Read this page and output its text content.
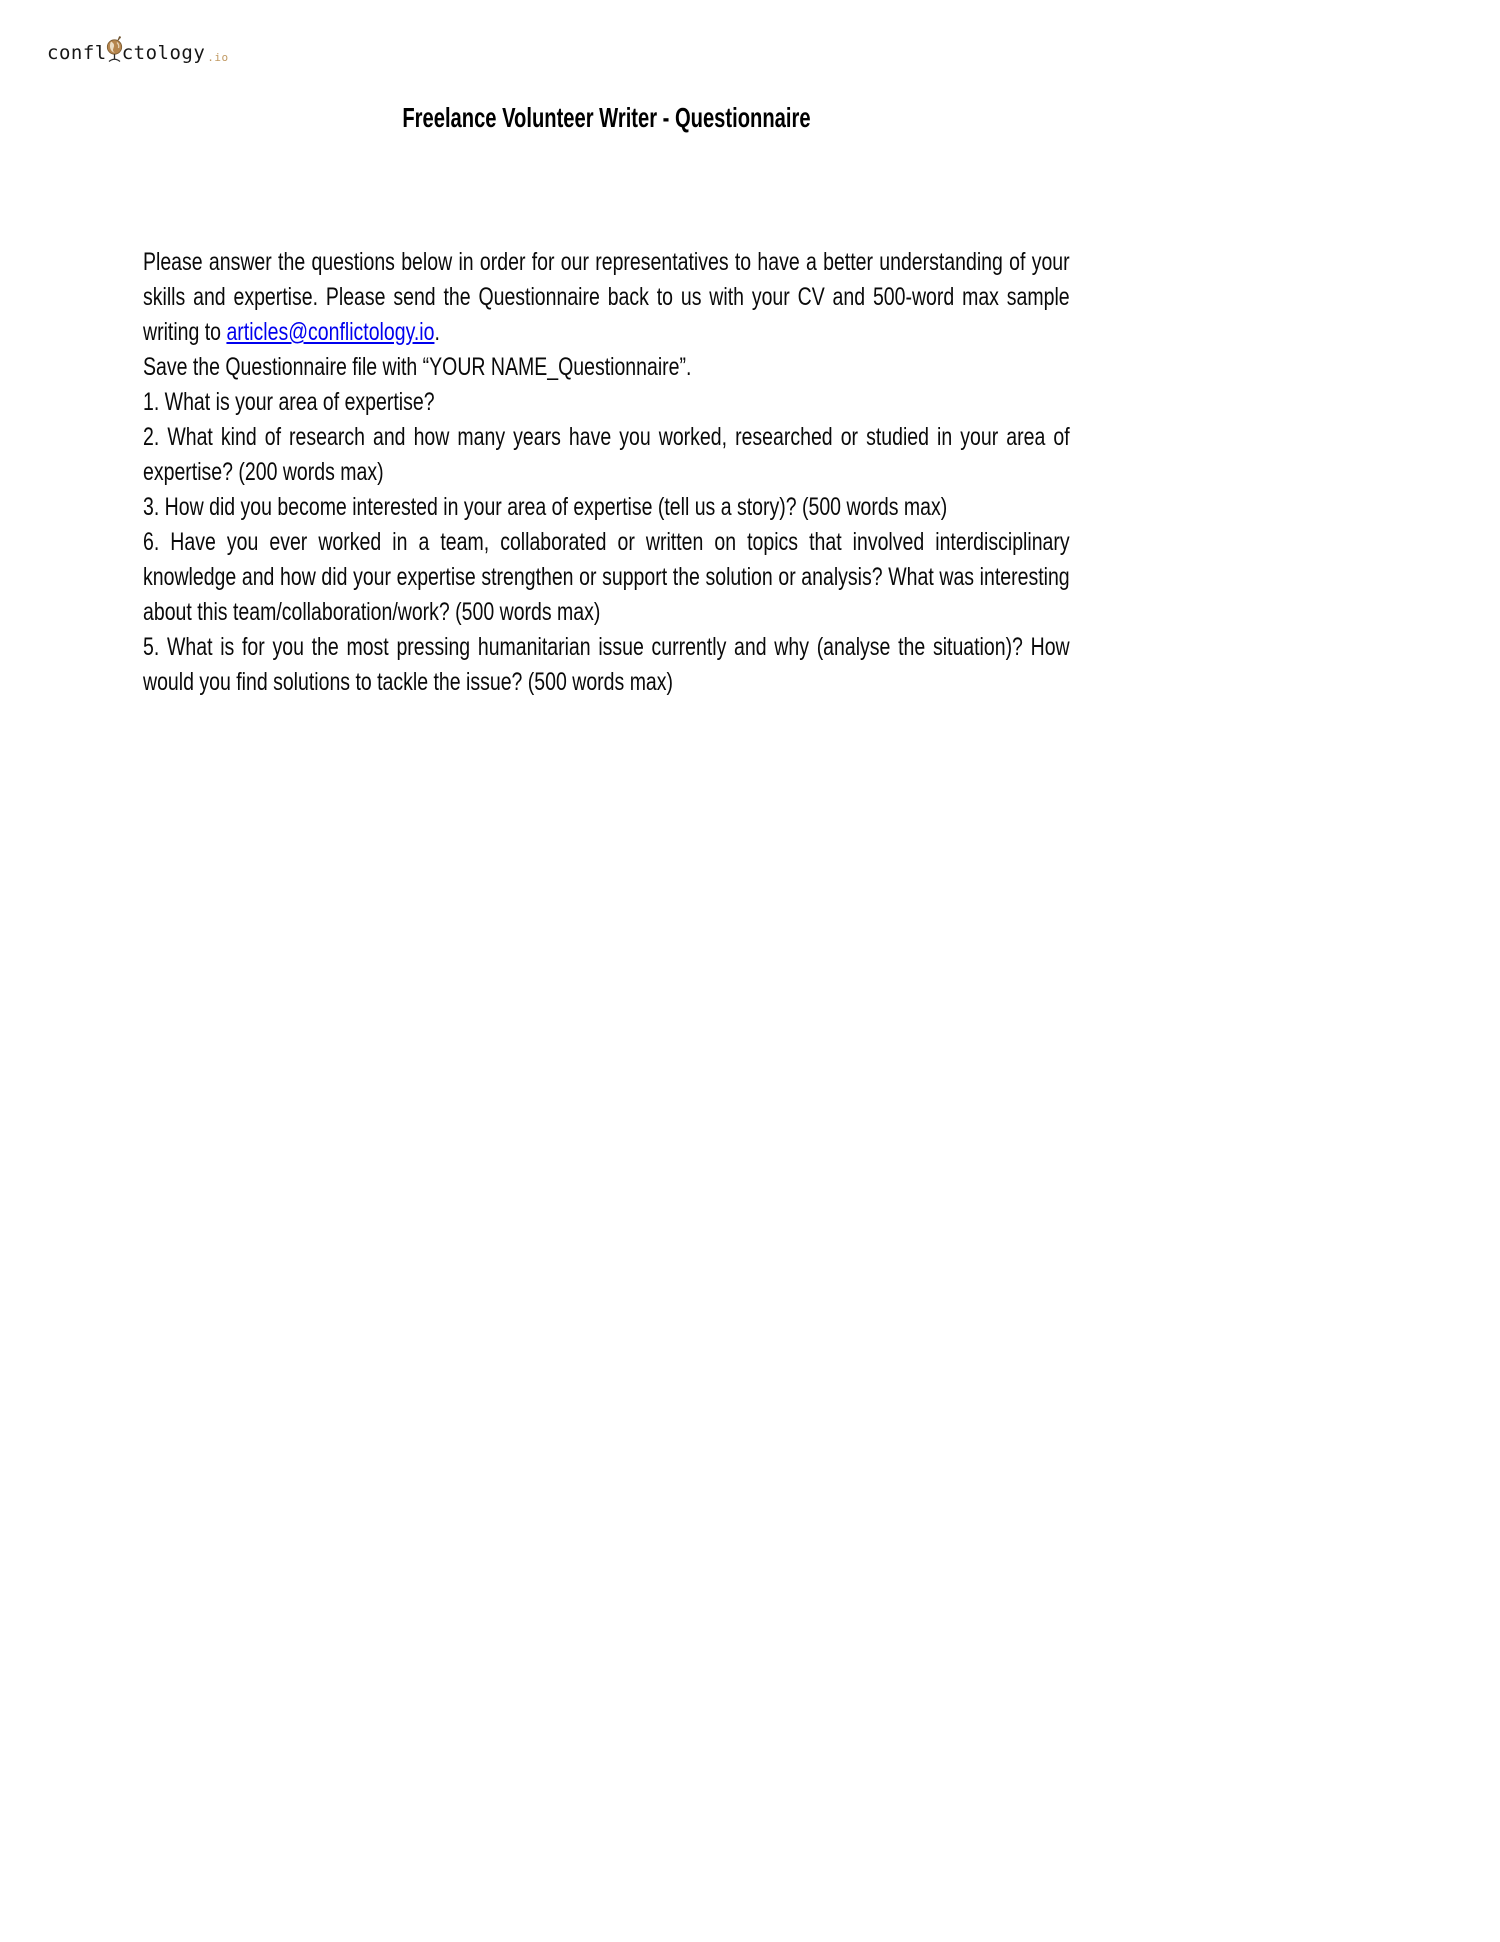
confl ctology .io
Freelance Volunteer Writer - Questionnaire

Please answer the questions below in order for our representatives to have a better understanding of your skills and expertise. Please send the Questionnaire back to us with your CV and 500-word max sample writing to articles@conflictology.io.
Save the Questionnaire file with “YOUR NAME_Questionnaire”.

1. What is your area of expertise?

2. What kind of research and how many years have you worked, researched or studied in your area of expertise? (200 words max)

3. How did you become interested in your area of expertise (tell us a story)? (500 words max)

6. Have you ever worked in a team, collaborated or written on topics that involved interdisciplinary knowledge and how did your expertise strengthen or support the solution or analysis? What was interesting about this team/collaboration/work? (500 words max)

5. What is for you the most pressing humanitarian issue currently and why (analyse the situation)? How would you find solutions to tackle the issue? (500 words max)
